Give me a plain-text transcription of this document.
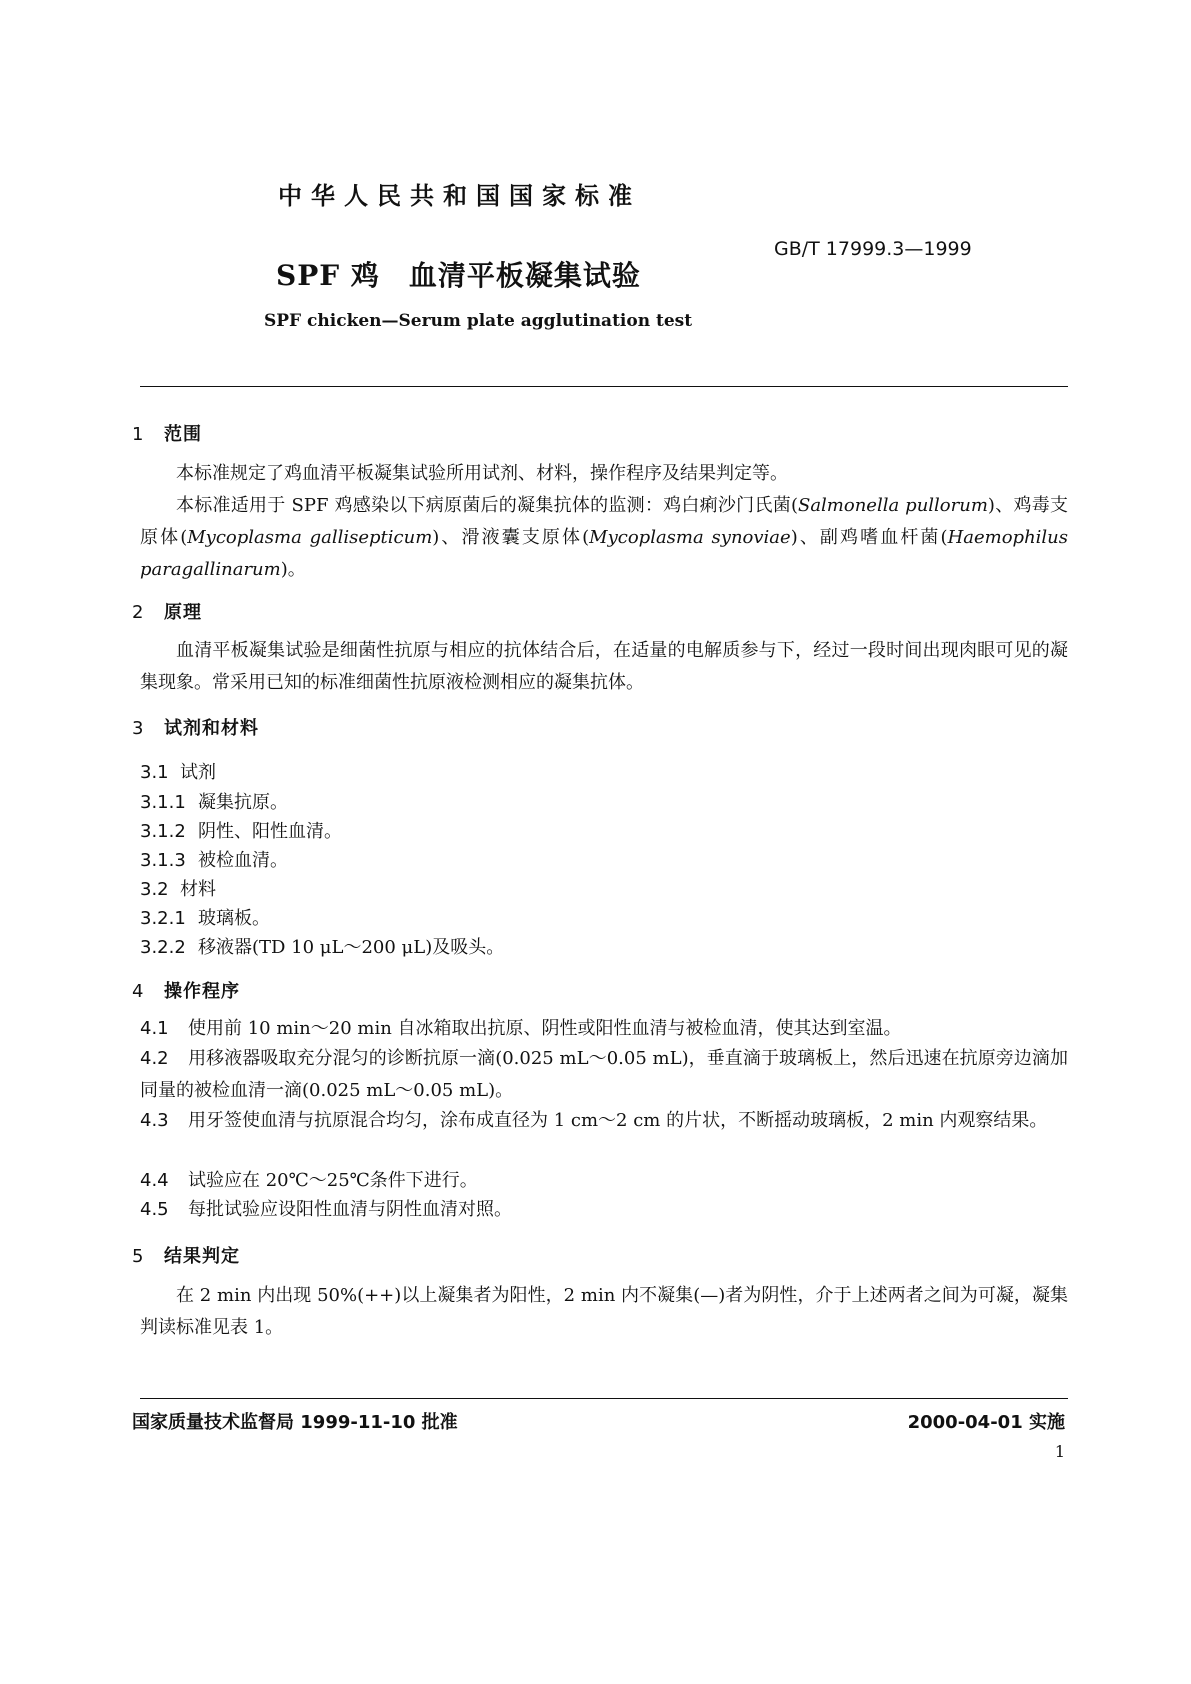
中华人民共和国国家标准
GB/T 17999.3—1999
SPF 鸡　血清平板凝集试验
SPF chicken—Serum plate agglutination test
1 范围
本标准规定了鸡血清平板凝集试验所用试剂、材料，操作程序及结果判定等。
本标准适用于 SPF 鸡感染以下病原菌后的凝集抗体的监测：鸡白痢沙门氏菌(Salmonella pullorum)、鸡毒支原体(Mycoplasma gallisepticum)、滑液囊支原体(Mycoplasma synoviae)、副鸡嗜血杆菌(Haemophilus paragallinarum)。
2 原理
血清平板凝集试验是细菌性抗原与相应的抗体结合后，在适量的电解质参与下，经过一段时间出现肉眼可见的凝集现象。常采用已知的标准细菌性抗原液检测相应的凝集抗体。
3 试剂和材料
3.1 试剂
3.1.1 凝集抗原。
3.1.2 阴性、阳性血清。
3.1.3 被检血清。
3.2 材料
3.2.1 玻璃板。
3.2.2 移液器(TD 10 μL～200 μL)及吸头。
4 操作程序
4.1 使用前 10 min～20 min 自冰箱取出抗原、阴性或阳性血清与被检血清，使其达到室温。
4.2 用移液器吸取充分混匀的诊断抗原一滴(0.025 mL～0.05 mL)，垂直滴于玻璃板上，然后迅速在抗原旁边滴加同量的被检血清一滴(0.025 mL～0.05 mL)。
4.3 用牙签使血清与抗原混合均匀，涂布成直径为 1 cm～2 cm 的片状，不断摇动玻璃板，2 min 内观察结果。
4.4 试验应在 20℃～25℃条件下进行。
4.5 每批试验应设阳性血清与阴性血清对照。
5 结果判定
在 2 min 内出现 50%(++)以上凝集者为阳性，2 min 内不凝集(—)者为阴性，介于上述两者之间为可凝，凝集判读标准见表 1。
国家质量技术监督局 1999-11-10 批准	2000-04-01 实施
1
